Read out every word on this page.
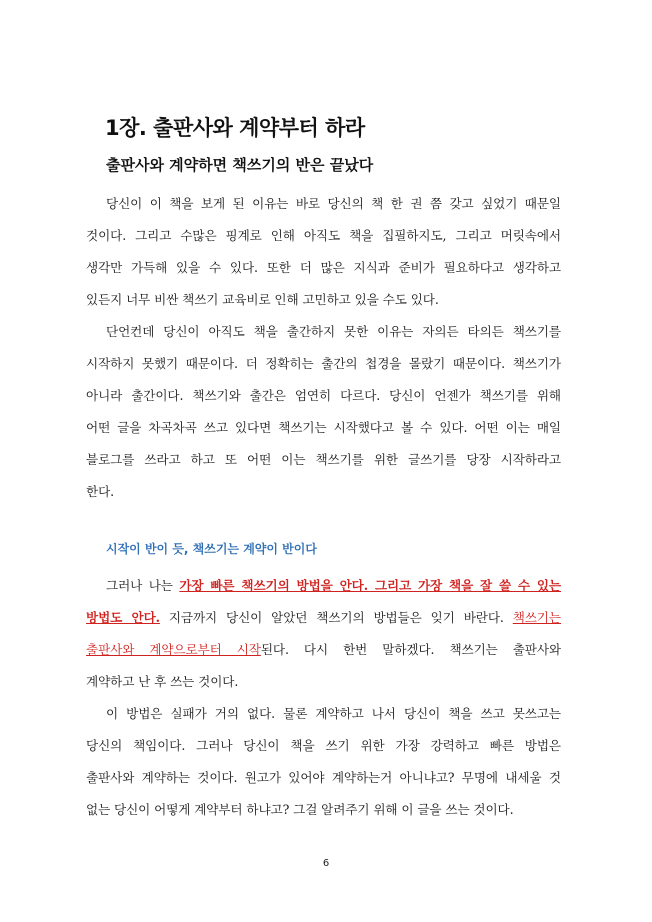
1장. 출판사와 계약부터 하라
출판사와 계약하면 책쓰기의 반은 끝났다
당신이 이 책을 보게 된 이유는 바로 당신의 책 한 권 쯤 갖고 싶었기 때문일
것이다. 그리고 수많은 핑계로 인해 아직도 책을 집필하지도, 그리고 머릿속에서
생각만 가득해 있을 수 있다. 또한 더 많은 지식과 준비가 필요하다고 생각하고
있든지 너무 비싼 책쓰기 교육비로 인해 고민하고 있을 수도 있다.
단언컨데 당신이 아직도 책을 출간하지 못한 이유는 자의든 타의든 책쓰기를
시작하지 못했기 때문이다. 더 정확히는 출간의 첩경을 몰랐기 때문이다. 책쓰기가
아니라 출간이다. 책쓰기와 출간은 엄연히 다르다. 당신이 언젠가 책쓰기를 위해
어떤 글을 차곡차곡 쓰고 있다면 책쓰기는 시작했다고 볼 수 있다. 어떤 이는 매일
블로그를 쓰라고 하고 또 어떤 이는 책쓰기를 위한 글쓰기를 당장 시작하라고
한다.
시작이 반이 듯, 책쓰기는 계약이 반이다
그러나 나는 가장 빠른 책쓰기의 방법을 안다. 그리고 가장 책을 잘 쓸 수 있는
방법도 안다. 지금까지 당신이 알았던 책쓰기의 방법들은 잊기 바란다. 책쓰기는
출판사와 계약으로부터 시작된다. 다시 한번 말하겠다. 책쓰기는 출판사와
계약하고 난 후 쓰는 것이다.
이 방법은 실패가 거의 없다. 물론 계약하고 나서 당신이 책을 쓰고 못쓰고는
당신의 책임이다. 그러나 당신이 책을 쓰기 위한 가장 강력하고 빠른 방법은
출판사와 계약하는 것이다. 원고가 있어야 계약하는거 아니냐고? 무명에 내세울 것
없는 당신이 어떻게 계약부터 하냐고? 그걸 알려주기 위해 이 글을 쓰는 것이다.
6
